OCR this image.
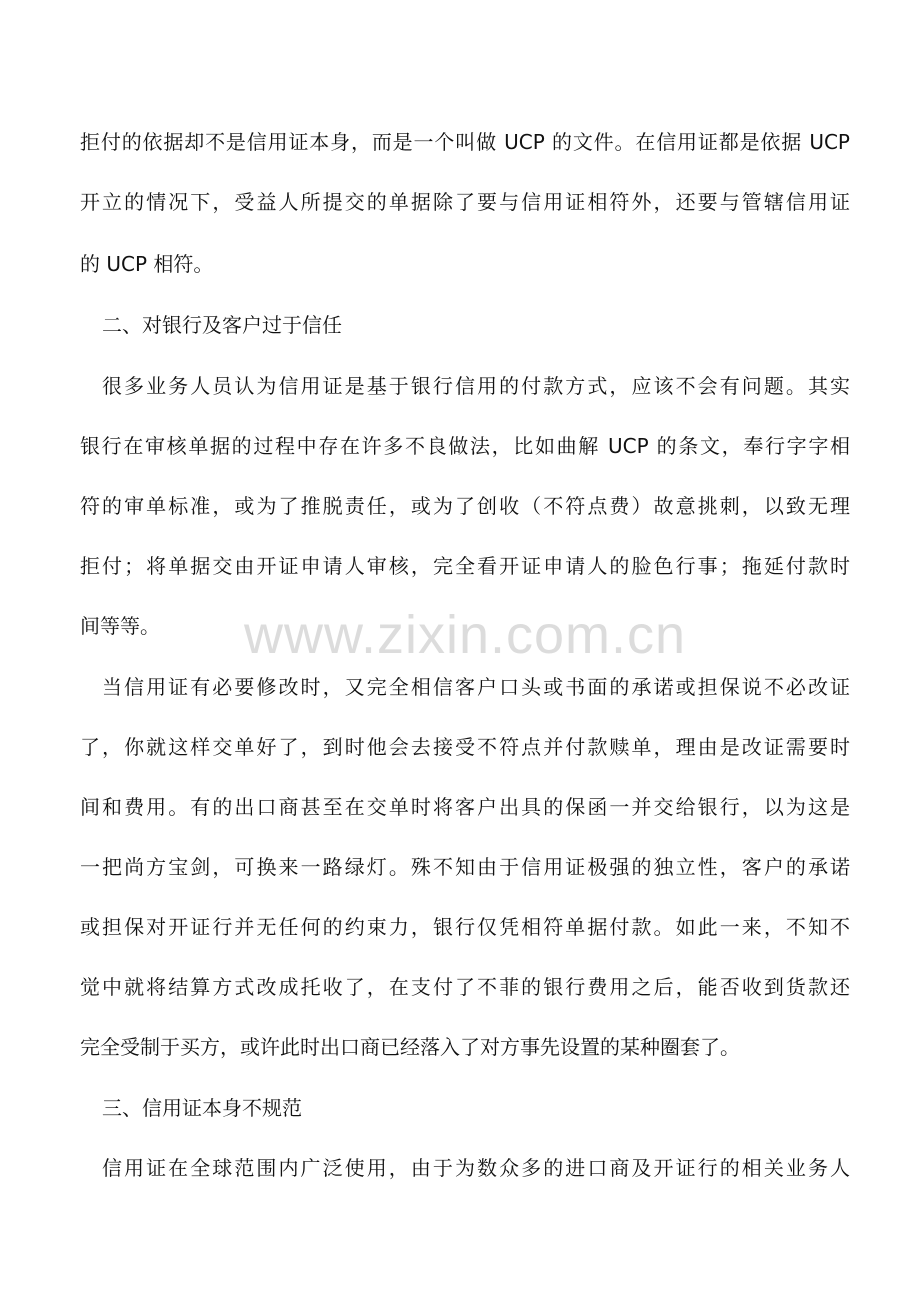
www.zixin.com.cn
拒付的依据却不是信用证本身，而是一个叫做 UCP 的文件。在信用证都是依据 UCP
开立的情况下，受益人所提交的单据除了要与信用证相符外，还要与管辖信用证
的 UCP 相符。
二、对银行及客户过于信任
很多业务人员认为信用证是基于银行信用的付款方式，应该不会有问题。其实
银行在审核单据的过程中存在许多不良做法，比如曲解 UCP 的条文，奉行字字相
符的审单标准，或为了推脱责任，或为了创收（不符点费）故意挑刺，以致无理
拒付；将单据交由开证申请人审核，完全看开证申请人的脸色行事；拖延付款时
间等等。
当信用证有必要修改时，又完全相信客户口头或书面的承诺或担保说不必改证
了，你就这样交单好了，到时他会去接受不符点并付款赎单，理由是改证需要时
间和费用。有的出口商甚至在交单时将客户出具的保函一并交给银行，以为这是
一把尚方宝剑，可换来一路绿灯。殊不知由于信用证极强的独立性，客户的承诺
或担保对开证行并无任何的约束力，银行仅凭相符单据付款。如此一来，不知不
觉中就将结算方式改成托收了，在支付了不菲的银行费用之后，能否收到货款还
完全受制于买方，或许此时出口商已经落入了对方事先设置的某种圈套了。
三、信用证本身不规范
信用证在全球范围内广泛使用，由于为数众多的进口商及开证行的相关业务人
